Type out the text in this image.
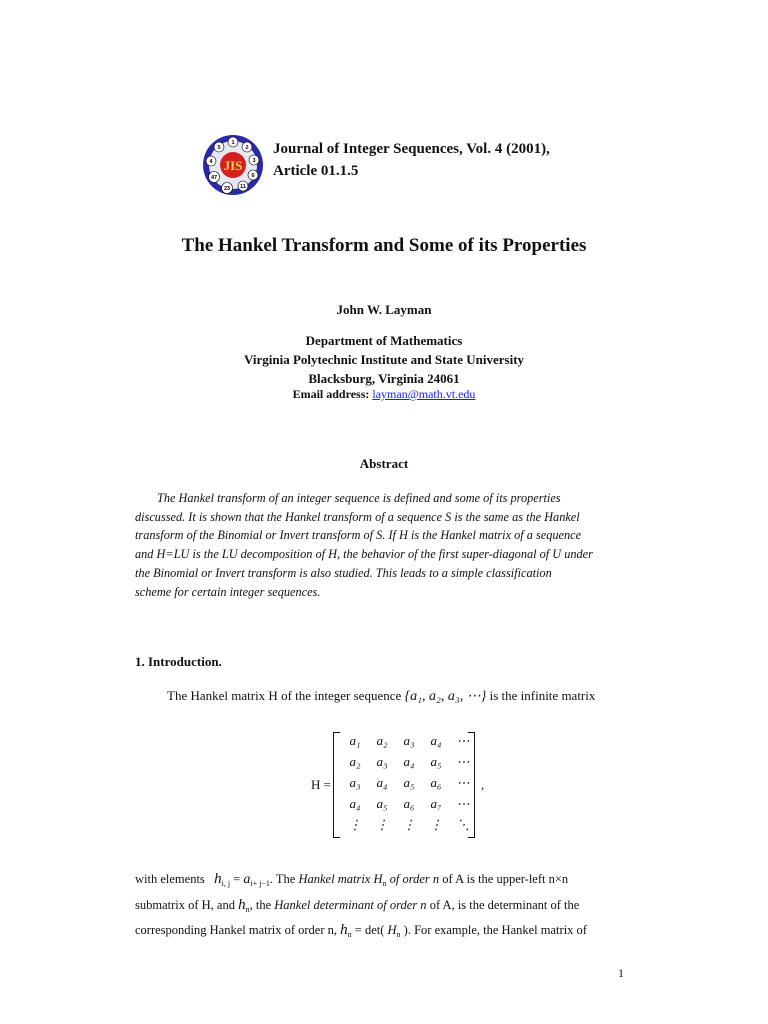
1
2
3
6
11
23
47
4
5
JIS
Journal of Integer Sequences, Vol. 4 (2001),
Article 01.1.5
The Hankel Transform and Some of its Properties
John W. Layman
Department of Mathematics
Virginia Polytechnic Institute and State University
Blacksburg, Virginia 24061
Email address: layman@math.vt.edu
Abstract
The Hankel transform of an integer sequence is defined and some of its properties
discussed. It is shown that the Hankel transform of a sequence S is the same as the Hankel
transform of the Binomial or Invert transform of S. If H is the Hankel matrix of a sequence
and H=LU is the LU decomposition of H, the behavior of the first super-diagonal of U under
the Binomial or Invert transform is also studied. This leads to a simple classification
scheme for certain integer sequences.
1. Introduction.
The Hankel matrix H of the integer sequence {a₁, a₂, a₃, ⋯} is the infinite matrix
H =
a₁	a₂	a₃	a₄	⋯
a₂	a₃	a₄	a₅	⋯
a₃	a₄	a₅	a₆	⋯
a₄	a₅	a₆	a₇	⋯
⋮	⋮	⋮	⋮	⋱
,
with elements $h_{i, j} = a_{i+ j-1}$. The Hankel matrix $H_n$ of order n of A is the upper-left n×n
submatrix of H, and $h_n$, the Hankel determinant of order n of A, is the determinant of the
corresponding Hankel matrix of order n, $h_n = \det$( $H_n$ ). For example, the Hankel matrix of
1
